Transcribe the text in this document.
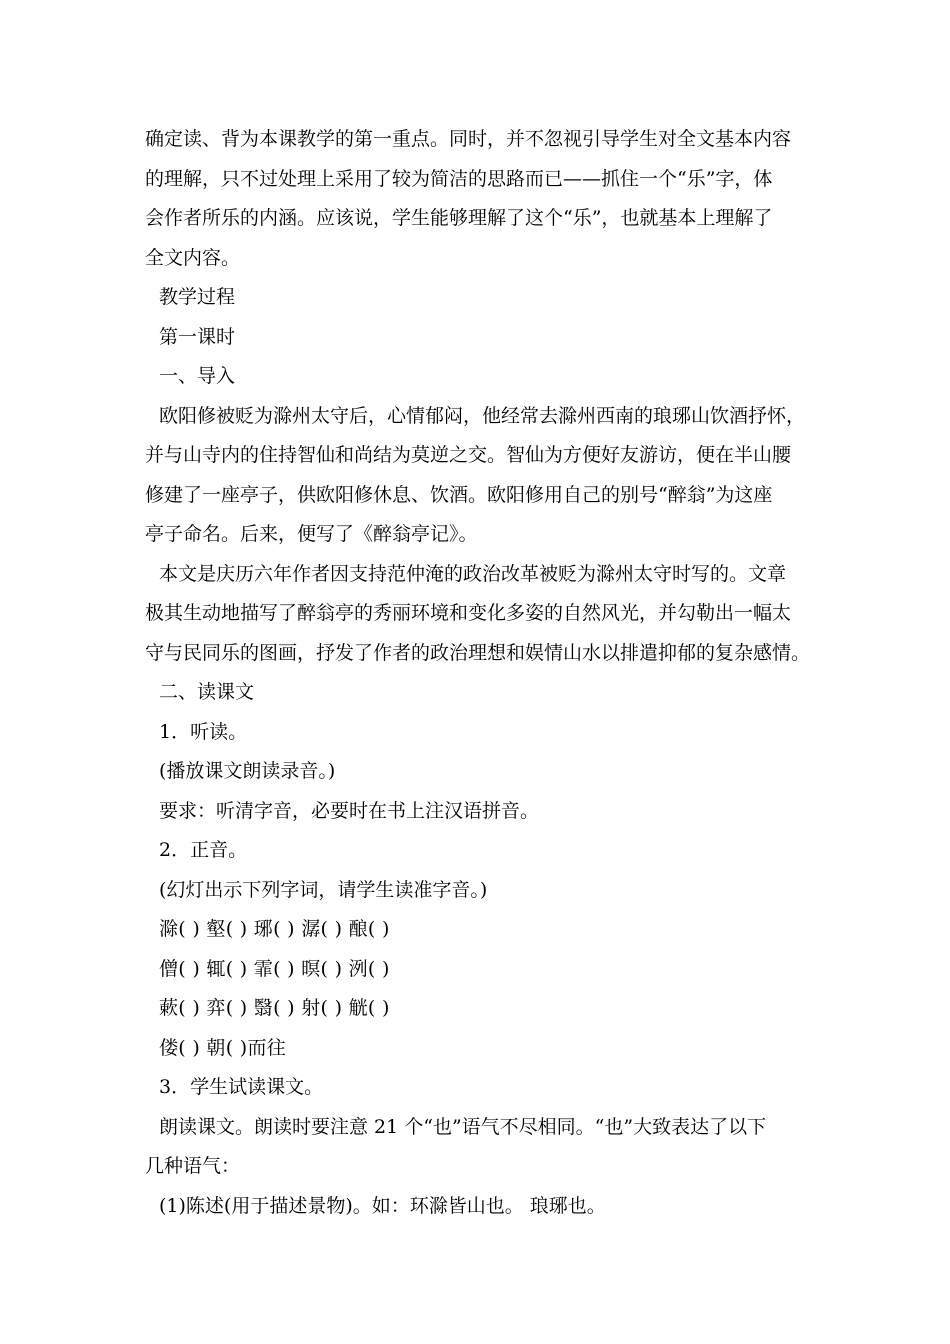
确定读、背为本课教学的第一重点。同时，并不忽视引导学生对全文基本内容
的理解，只不过处理上采用了较为简洁的思路而已——抓住一个“乐”字，体
会作者所乐的内涵。应该说，学生能够理解了这个“乐”，也就基本上理解了
全文内容。
教学过程
第一课时
一、导入
欧阳修被贬为滁州太守后，心情郁闷，他经常去滁州西南的琅琊山饮酒抒怀，
并与山寺内的住持智仙和尚结为莫逆之交。智仙为方便好友游访，便在半山腰
修建了一座亭子，供欧阳修休息、饮酒。欧阳修用自己的别号“醉翁”为这座
亭子命名。后来，便写了《醉翁亭记》。
本文是庆历六年作者因支持范仲淹的政治改革被贬为滁州太守时写的。文章
极其生动地描写了醉翁亭的秀丽环境和变化多姿的自然风光，并勾勒出一幅太
守与民同乐的图画，抒发了作者的政治理想和娱情山水以排遣抑郁的复杂感情。
二、读课文
1．听读。
(播放课文朗读录音。)
要求：听清字音，必要时在书上注汉语拼音。
2．正音。
(幻灯出示下列字词，请学生读准字音。)
滁( ) 壑( ) 琊( ) 潺( ) 酿( )
僧( ) 辄( ) 霏( ) 暝( ) 洌( )
蔌( ) 弈( ) 翳( ) 射( ) 觥( )
偻( ) 朝( )而往
3．学生试读课文。
朗读课文。朗读时要注意 21 个“也”语气不尽相同。“也”大致表达了以下
几种语气：
(1)陈述(用于描述景物)。如：环滁皆山也。 琅琊也。
